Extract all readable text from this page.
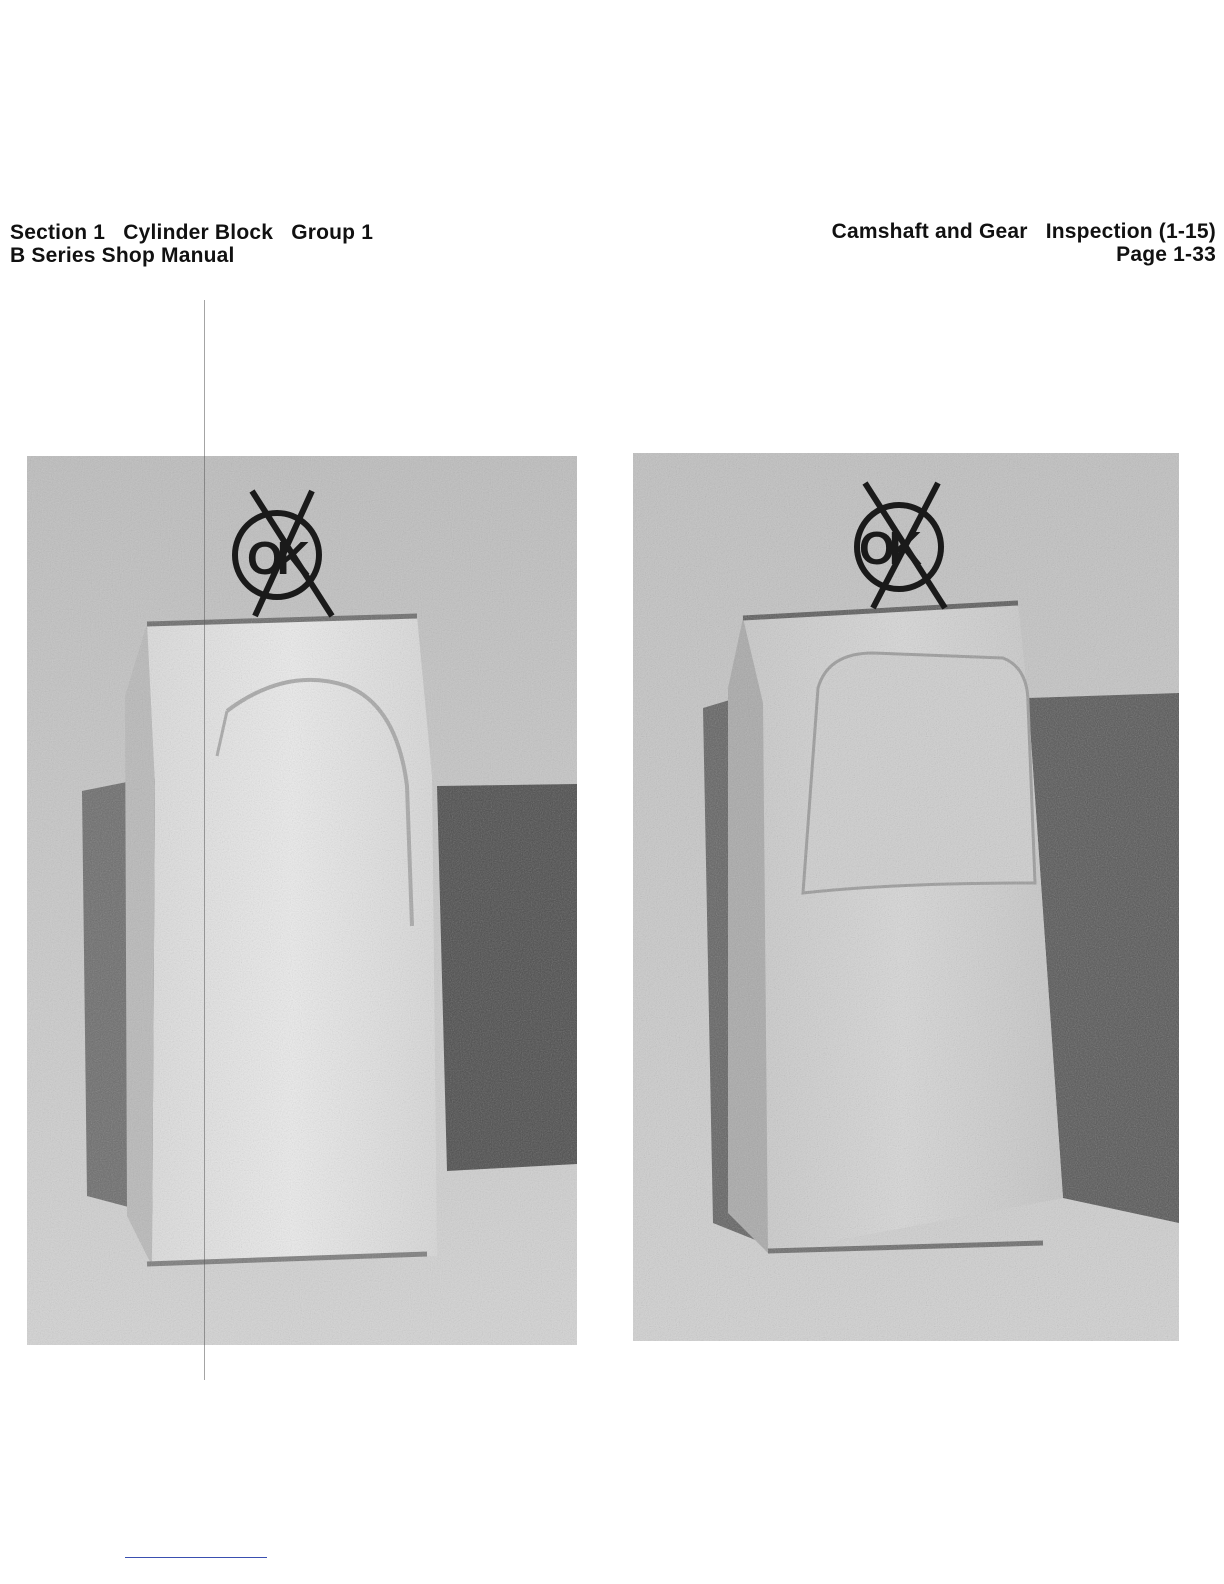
Section 1   Cylinder Block   Group 1
B Series Shop Manual
Camshaft and Gear   Inspection (1-15)
Page 1-33
OK	OK
